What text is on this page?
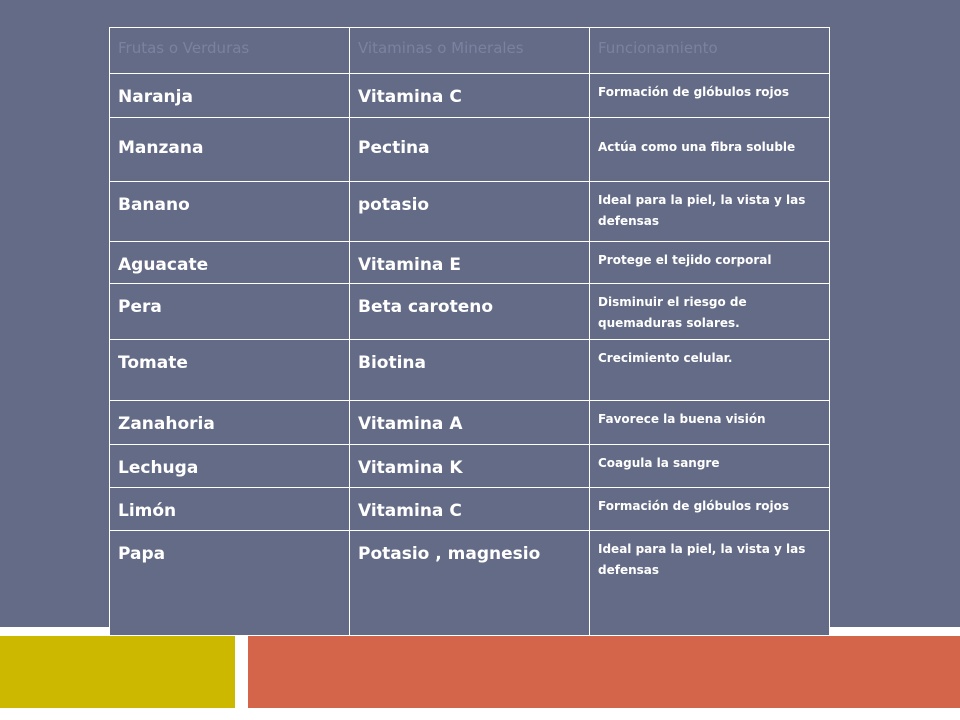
Frutas o Verduras	Vitaminas o Minerales	Funcionamiento
Naranja	Vitamina C	Formación de glóbulos rojos
Manzana	Pectina	Actúa como una fibra soluble
Banano	potasio	Ideal para la piel, la vista y las defensas
Aguacate	Vitamina E	Protege el tejido corporal
Pera	Beta caroteno	Disminuir el riesgo de quemaduras solares.
Tomate	Biotina	Crecimiento celular.
Zanahoria	Vitamina A	Favorece la buena visión
Lechuga	Vitamina K	Coagula la sangre
Limón	Vitamina C	Formación de glóbulos rojos
Papa	Potasio , magnesio	Ideal para la piel, la vista y las defensas
